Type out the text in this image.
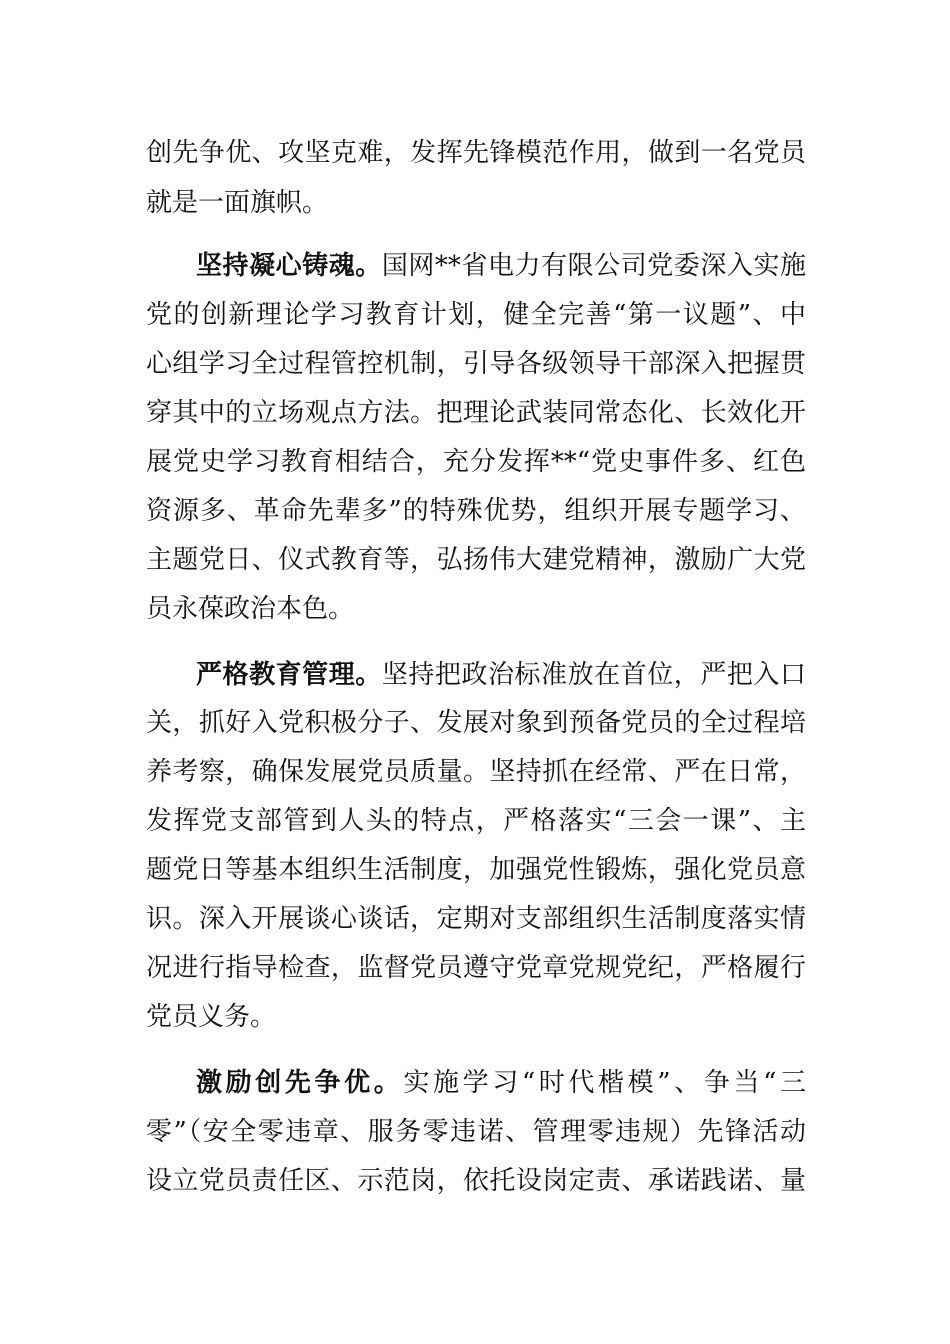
创先争优、攻坚克难，发挥先锋模范作用，做到一名党员
就是一面旗帜。
坚持凝心铸魂。国网**省电力有限公司党委深入实施
党的创新理论学习教育计划，健全完善“第一议题”、中
心组学习全过程管控机制，引导各级领导干部深入把握贯
穿其中的立场观点方法。把理论武装同常态化、长效化开
展党史学习教育相结合，充分发挥**“党史事件多、红色
资源多、革命先辈多”的特殊优势，组织开展专题学习、
主题党日、仪式教育等，弘扬伟大建党精神，激励广大党
员永葆政治本色。
严格教育管理。坚持把政治标准放在首位，严把入口
关，抓好入党积极分子、发展对象到预备党员的全过程培
养考察，确保发展党员质量。坚持抓在经常、严在日常，
发挥党支部管到人头的特点，严格落实“三会一课”、主
题党日等基本组织生活制度，加强党性锻炼，强化党员意
识。深入开展谈心谈话，定期对支部组织生活制度落实情
况进行指导检查，监督党员遵守党章党规党纪，严格履行
党员义务。
激励创先争优。实施学习“时代楷模”、争当“三
零”（安全零违章、服务零违诺、管理零违规）先锋活动
设立党员责任区、示范岗，依托设岗定责、承诺践诺、量
